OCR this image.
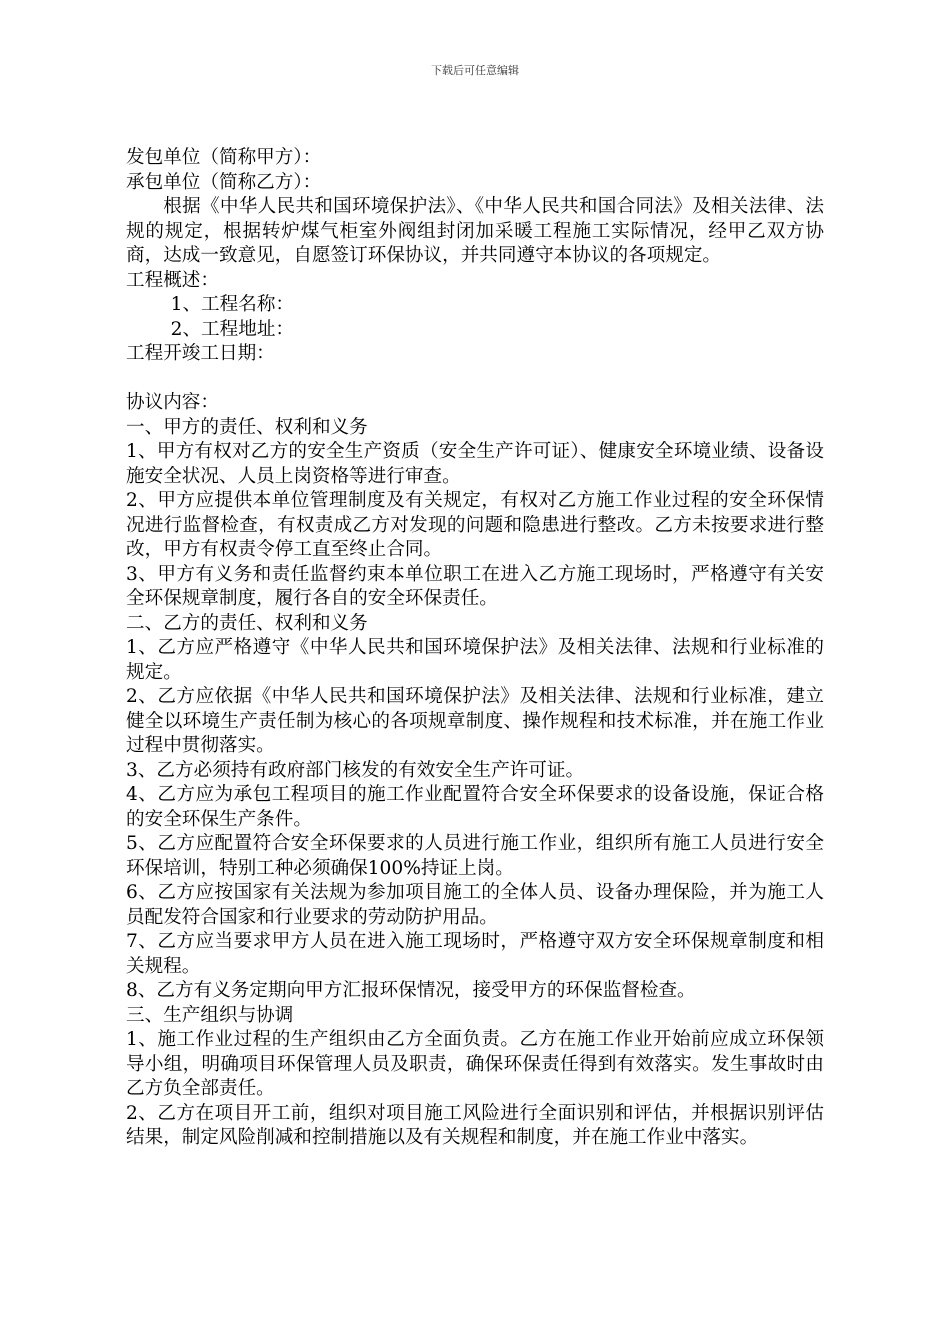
下载后可任意编辑

发包单位（简称甲方）：

承包单位（简称乙方）：

根据《中华人民共和国环境保护法》、《中华人民共和国合同法》及相关法律、法规的规定，根据转炉煤气柜室外阀组封闭加采暖工程施工实际情况，经甲乙双方协商，达成一致意见，自愿签订环保协议，并共同遵守本协议的各项规定。

工程概述：

1、工程名称：

2、工程地址：

工程开竣工日期：

协议内容：

一、甲方的责任、权利和义务

1、甲方有权对乙方的安全生产资质（安全生产许可证）、健康安全环境业绩、设备设施安全状况、人员上岗资格等进行审查。

2、甲方应提供本单位管理制度及有关规定，有权对乙方施工作业过程的安全环保情况进行监督检查，有权责成乙方对发现的问题和隐患进行整改。乙方未按要求进行整改，甲方有权责令停工直至终止合同。

3、甲方有义务和责任监督约束本单位职工在进入乙方施工现场时，严格遵守有关安全环保规章制度，履行各自的安全环保责任。

二、乙方的责任、权利和义务

1、乙方应严格遵守《中华人民共和国环境保护法》及相关法律、法规和行业标准的规定。

2、乙方应依据《中华人民共和国环境保护法》及相关法律、法规和行业标准，建立健全以环境生产责任制为核心的各项规章制度、操作规程和技术标准，并在施工作业过程中贯彻落实。

3、乙方必须持有政府部门核发的有效安全生产许可证。

4、乙方应为承包工程项目的施工作业配置符合安全环保要求的设备设施，保证合格的安全环保生产条件。

5、乙方应配置符合安全环保要求的人员进行施工作业，组织所有施工人员进行安全环保培训，特别工种必须确保100%持证上岗。

6、乙方应按国家有关法规为参加项目施工的全体人员、设备办理保险，并为施工人员配发符合国家和行业要求的劳动防护用品。

7、乙方应当要求甲方人员在进入施工现场时，严格遵守双方安全环保规章制度和相关规程。

8、乙方有义务定期向甲方汇报环保情况，接受甲方的环保监督检查。

三、生产组织与协调

1、施工作业过程的生产组织由乙方全面负责。乙方在施工作业开始前应成立环保领导小组，明确项目环保管理人员及职责，确保环保责任得到有效落实。发生事故时由乙方负全部责任。

2、乙方在项目开工前，组织对项目施工风险进行全面识别和评估，并根据识别评估结果，制定风险削减和控制措施以及有关规程和制度，并在施工作业中落实。
